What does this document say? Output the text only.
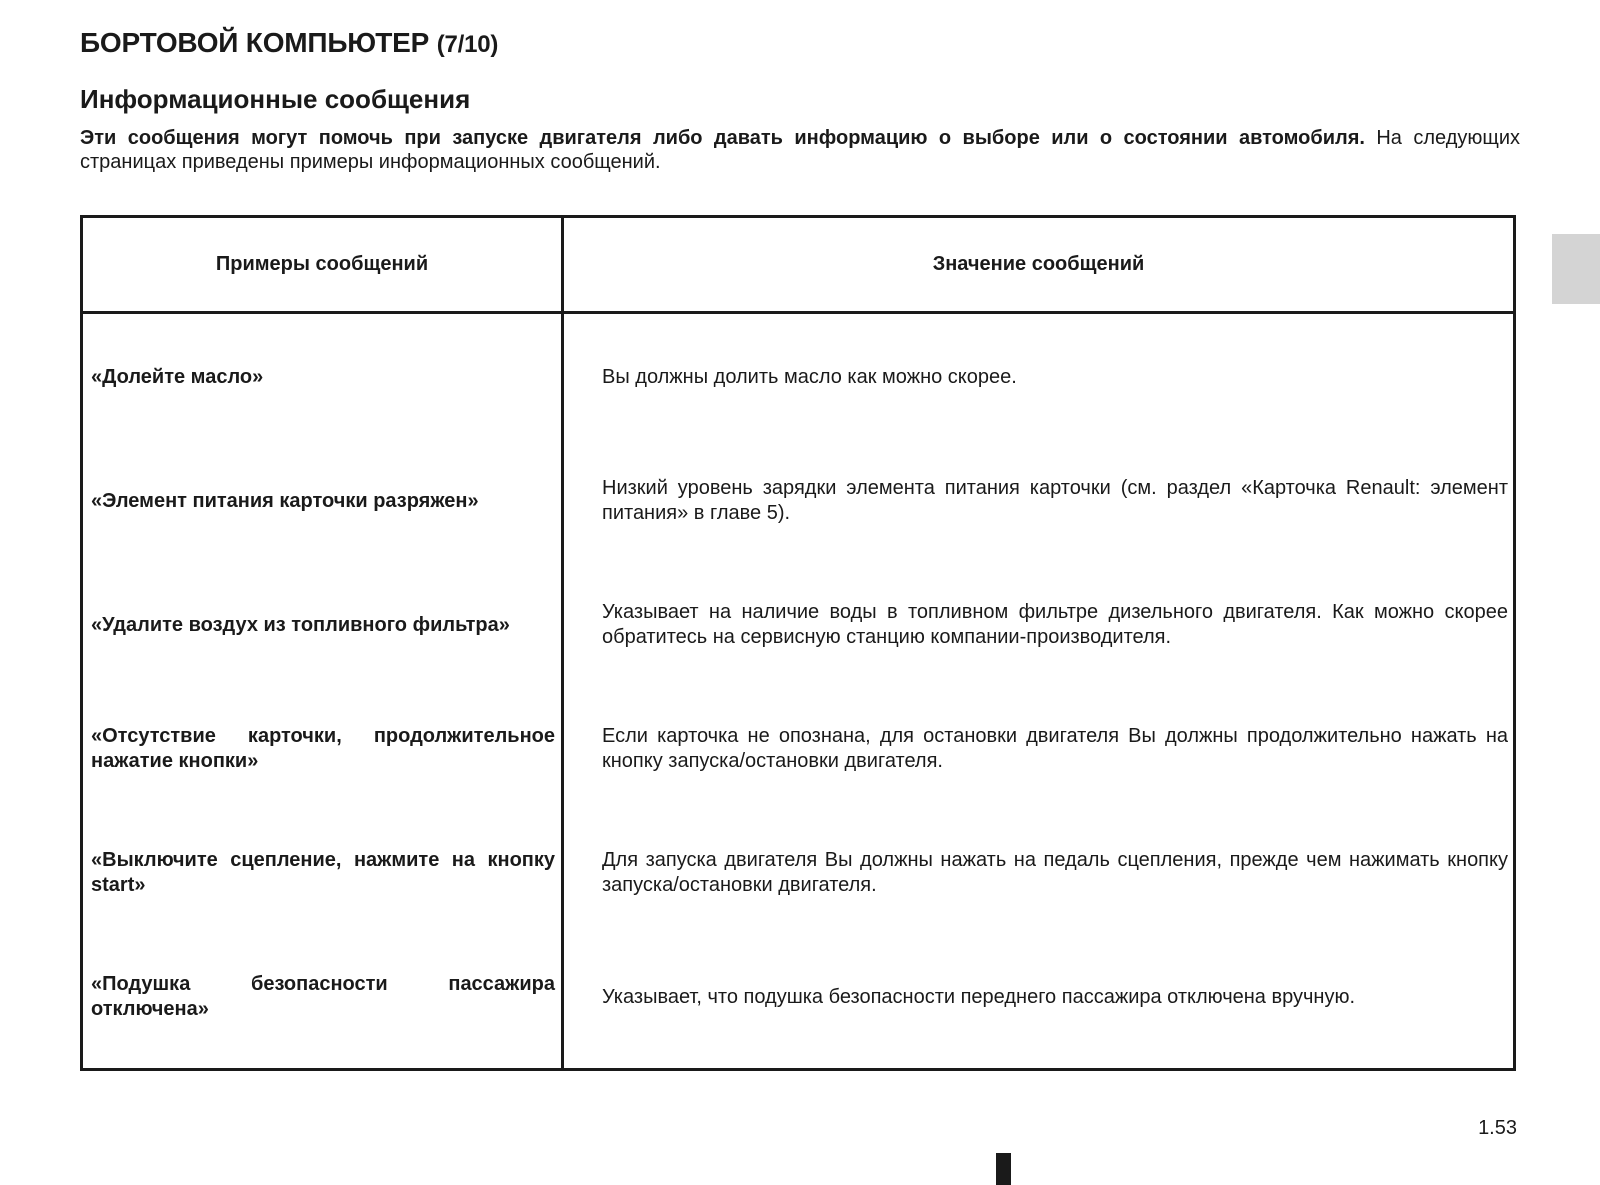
БОРТОВОЙ КОМПЬЮТЕР (7/10)
Информационные сообщения

Эти сообщения могут помочь при запуске двигателя либо давать информацию о выборе или о состоянии автомобиля. На следующих страницах приведены примеры информационных сообщений.

Примеры сообщений	Значение сообщений
«Долейте масло»	Вы должны долить масло как можно скорее.
«Элемент питания карточки разряжен»
Низкий уровень зарядки элемента питания карточки (см. раздел «Карточка Renault: элемент питания» в главе 5).
«Удалите воздух из топливного фильтра»
Указывает на наличие воды в топливном фильтре дизельного двигателя. Как можно скорее обратитесь на сервисную станцию компании-производителя.
«Отсутствие карточки, продолжительное нажатие кнопки»
Если карточка не опознана, для остановки двигателя Вы должны продолжительно нажать на кнопку запуска/остановки двигателя.
«Выключите сцепление, нажмите на кнопку start»
Для запуска двигателя Вы должны нажать на педаль сцепления, прежде чем нажимать кнопку запуска/остановки двигателя.
«Подушка безопасности пассажира отключена»
Указывает, что подушка безопасности переднего пассажира отключена вручную.
1.53
